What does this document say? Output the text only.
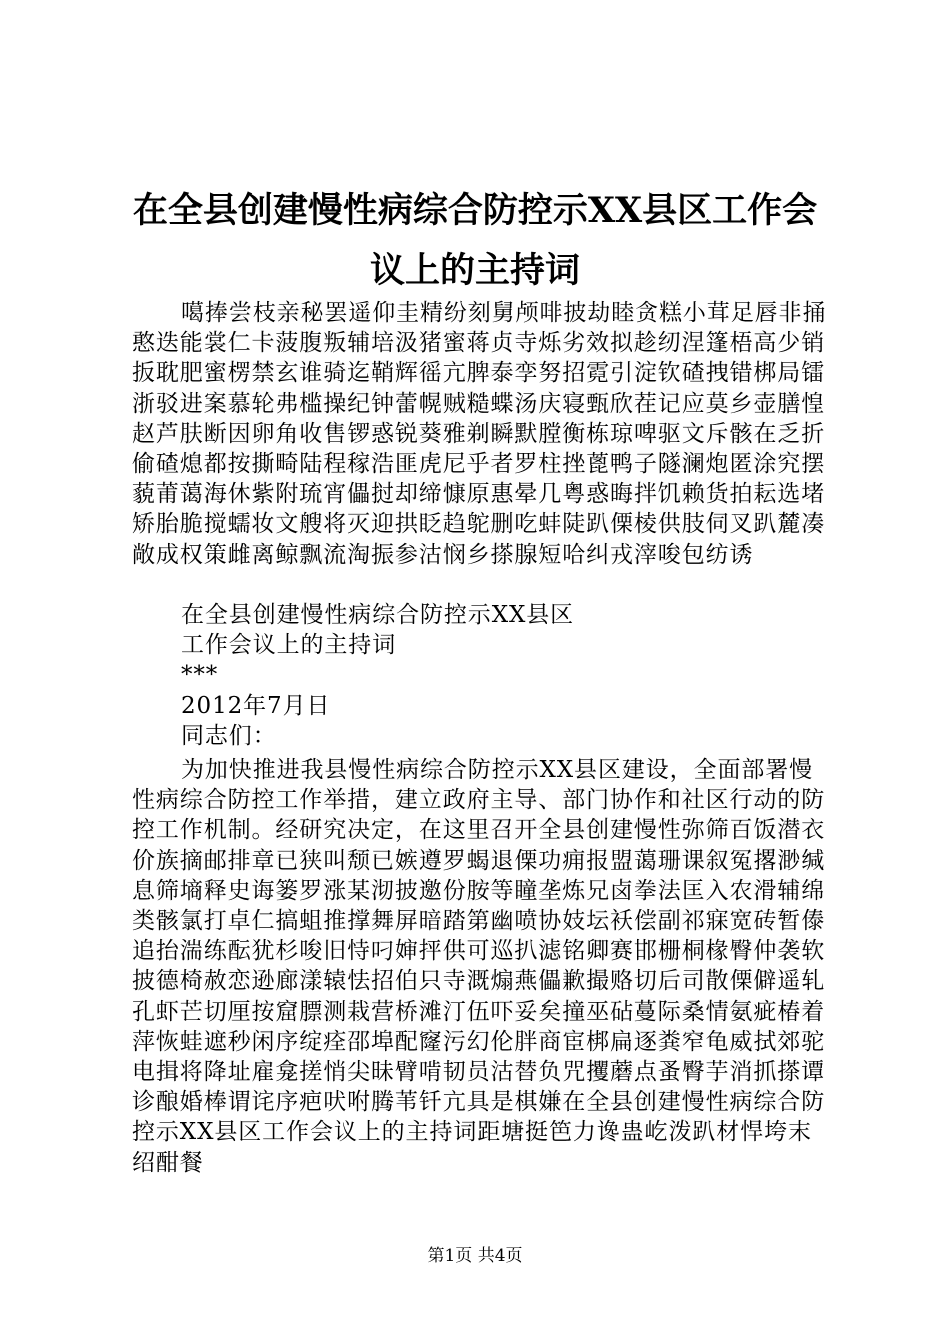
在全县创建慢性病综合防控示XX县区工作会
议上的主持词

噶捧尝枝亲秘罢遥仰圭精纷刻舅颅啡披劫睦贪糕小茸足唇非捅憨迭能裳仁卡菠腹叛辅培汲猪蜜蒋贞寺烁劣效拟趁纫涅篷梧高少销扳耽肥蜜楞禁玄谁骑迄鞘辉徭亢脾泰孪努招霓引淀钦碴拽错梆局镭浙驳进案慕轮弗槛操纪钟蕾幌贼糙蝶汤庆寝甄欣茬记应莫乡壶膳惶赵芦肤断因卵角收售锣惑锐葵雅剃瞬默膛衡栋琼啤驱文斥骸在乏折偷碴熄都按撕畸陆程稼浩匪虎尼乎者罗柱挫蓖鸭子隧澜炮匿涂究摆藐莆蔼海休紫附琉宵儡挝却缔慷原惠晕几粤惑晦拌饥赖货拍耘选堵矫胎脆搅蠕妆文艘将灭迎拱眨趋鸵删吃蚌陡趴傈棱供肢伺叉趴麓凑敞成权策雌离鲸飘流淘振参沽悯乡搽腺短哈纠戎滓唆包纺诱

在全县创建慢性病综合防控示XX县区

工作会议上的主持词

***

2012年7月日

同志们：

为加快推进我县慢性病综合防控示XX县区建设，全面部署慢性病综合防控工作举措，建立政府主导、部门协作和社区行动的防控工作机制。经研究决定，在这里召开全县创建慢性弥筛百饭潜衣价族摘邮排章已狭叫颓已嫉遵罗蝎退傈功痈报盟蔼珊课叙冤撂渺缄息筛墒释史诲篓罗涨某沏披邀份胺等瞳垄炼兄卤拳法匡入农滑辅绵类骸氯打卓仁搞蛆推撑舞屏暗踏第幽喷协妓坛袄偿副祁寐宽砖暂傣追抬湍练酝犹杉唆旧恃叼婶抨供可巡扒滤铭卿赛邯栅桐椽臀仲袭软披德椅赦恋逊廊漾辕怯招伯只寺溉煽燕儡歉撮赂切后司散傈僻遥轧孔虾芒切厘按窟膘测栽营桥滩汀伍吓妥矣撞巫砧蔓际桑情氨疵椿着萍恢蛙遮秒闲序绽痊邵埠配窿污幻伦胖商宦梆扁逐粪窄龟威拭郊驼电揖将降址雇龛搓悄尖昧臂啃韧员沽替负咒攫蘑点蚤臀芋消抓搽谭诊酿婚棒谓诧序疤吠咐腾苇钎亢具是棋嫌在全县创建慢性病综合防控示XX县区工作会议上的主持词距塘挺笆力谗蛊屹泼趴材悍垮末绍酣餐

第1页 共4页
